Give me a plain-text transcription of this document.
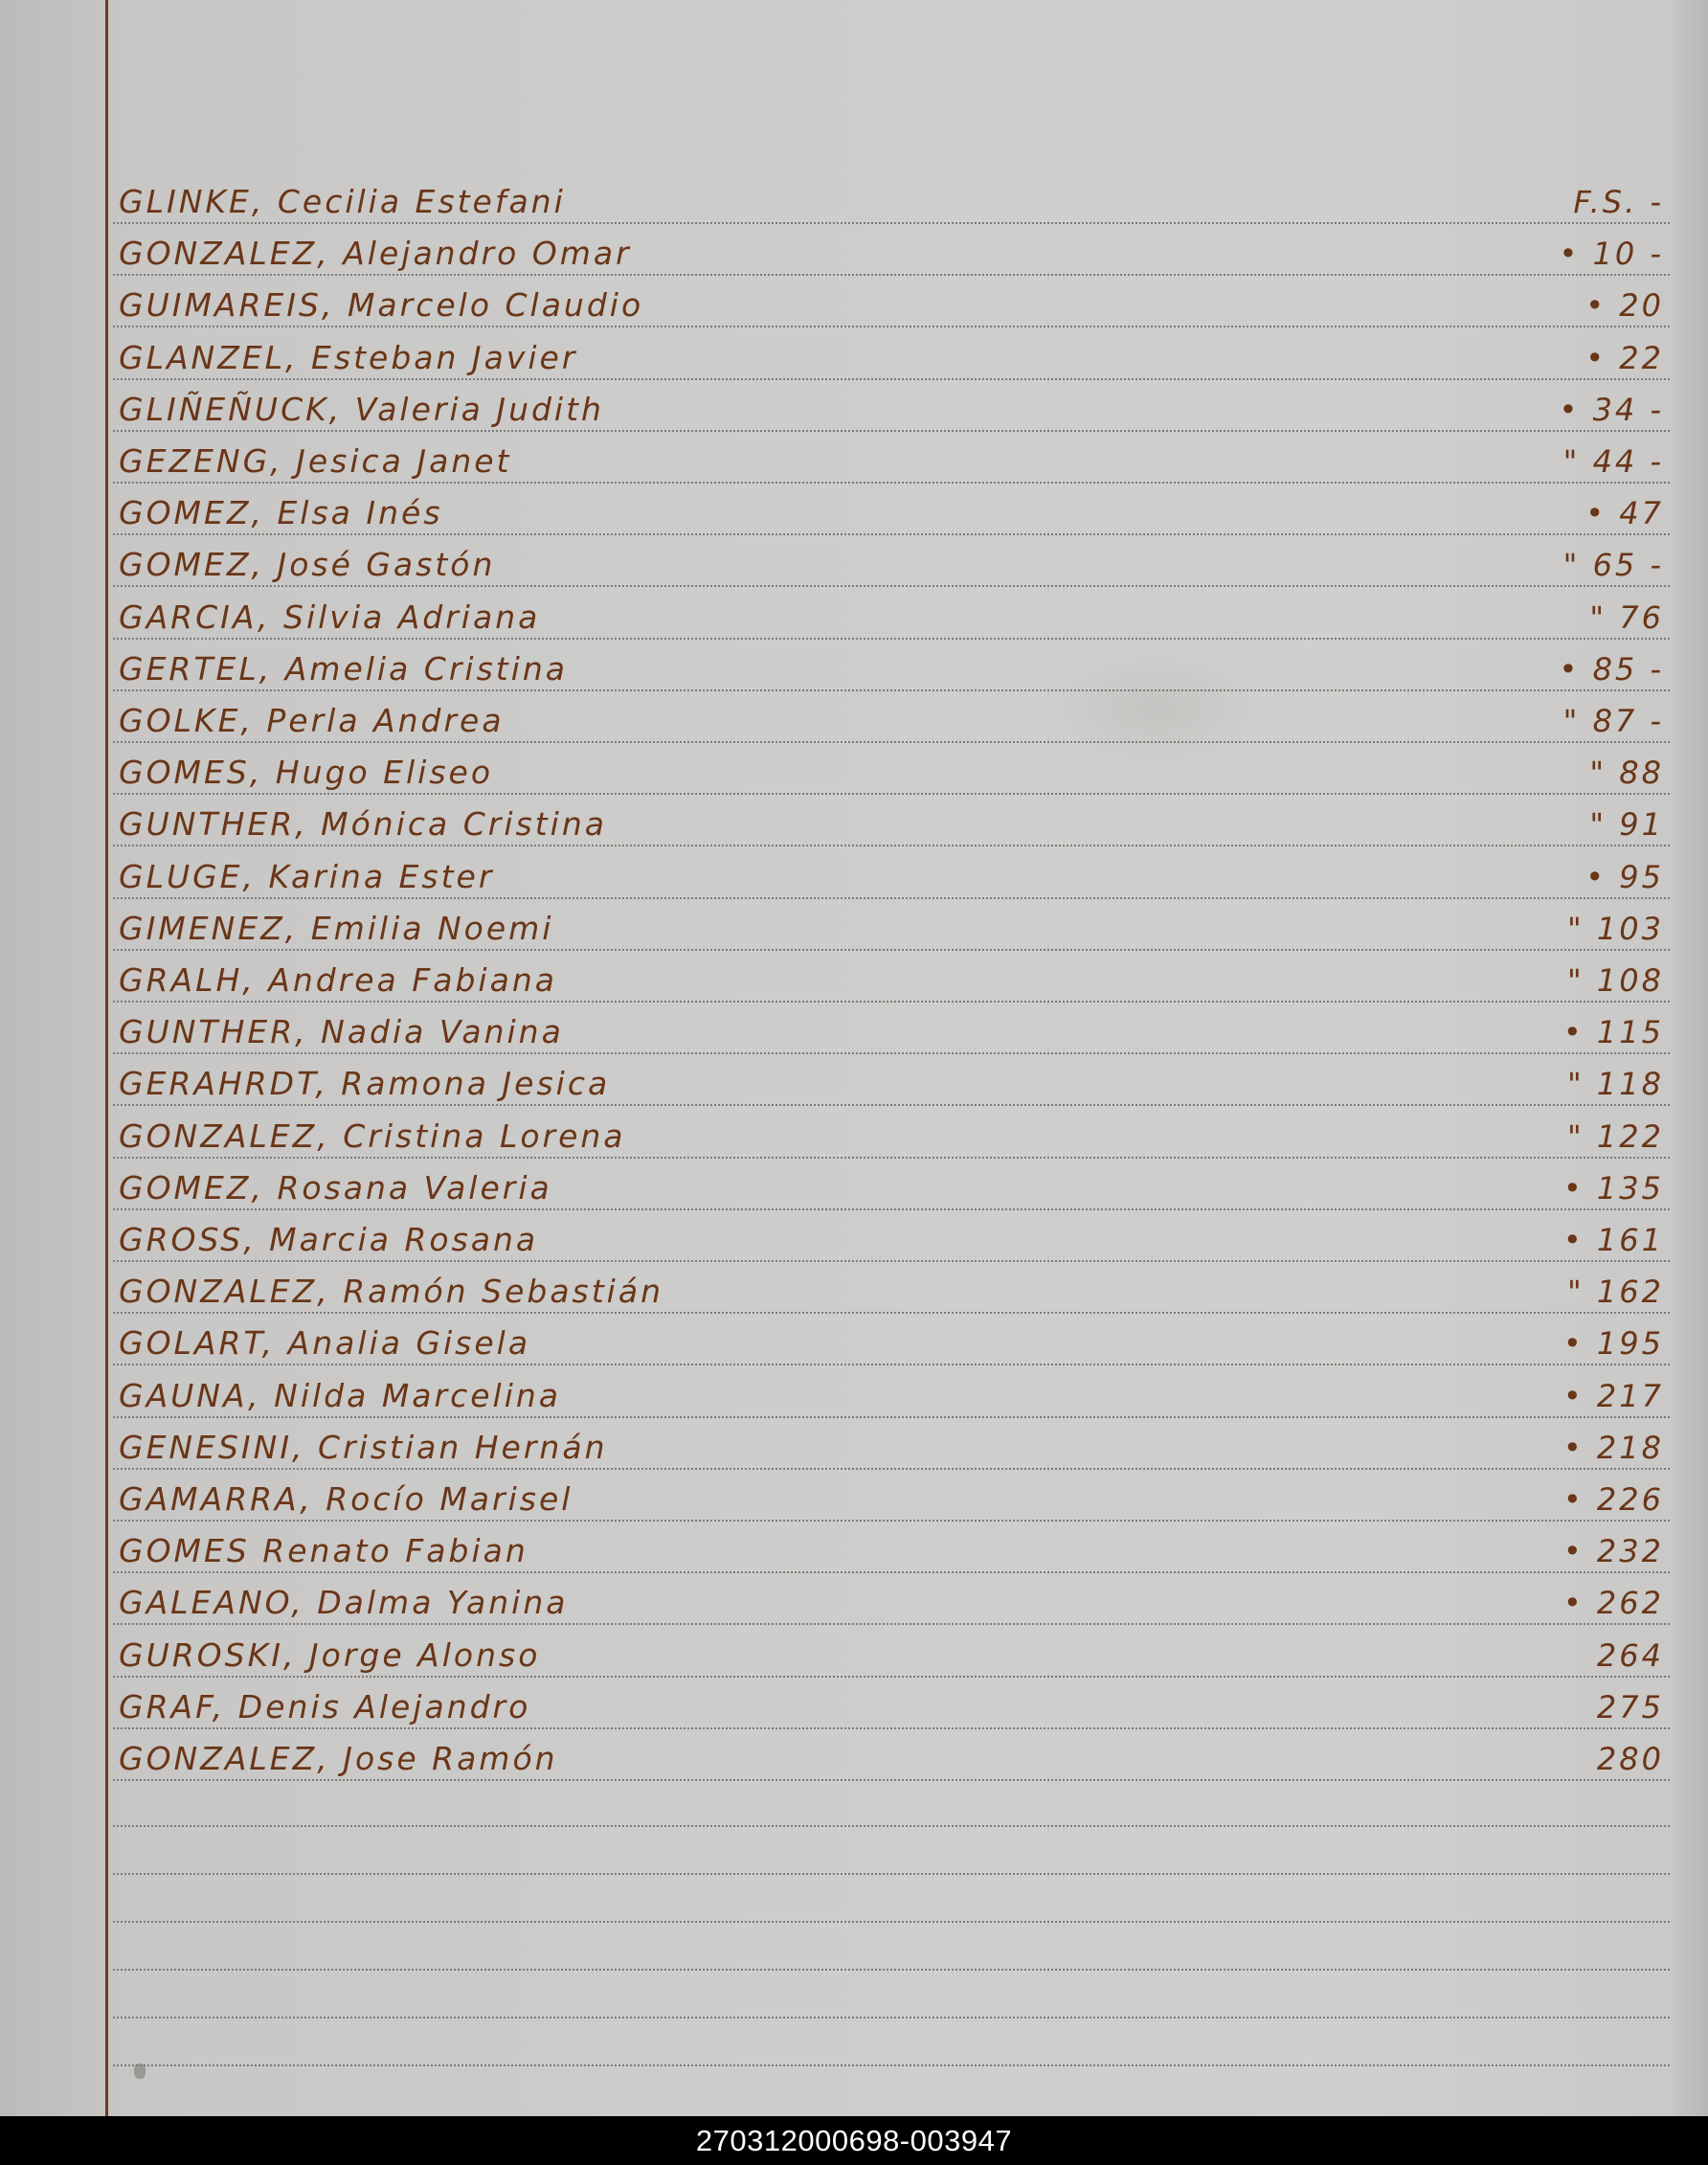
GLINKE, Cecilia Estefani	F.S. -
GONZALEZ, Alejandro Omar	• 10 -
GUIMAREIS, Marcelo Claudio	• 20
GLANZEL, Esteban Javier	• 22
GLIÑEÑUCK, Valeria Judith	• 34 -
GEZENG, Jesica Janet	" 44 -
GOMEZ, Elsa Inés	• 47
GOMEZ, José Gastón	" 65 -
GARCIA, Silvia Adriana	" 76
GERTEL, Amelia Cristina	• 85 -
GOLKE, Perla Andrea	" 87 -
GOMES, Hugo Eliseo	" 88
GUNTHER, Mónica Cristina	" 91
GLUGE, Karina Ester	• 95
GIMENEZ, Emilia Noemi	" 103
GRALH, Andrea Fabiana	" 108
GUNTHER, Nadia Vanina	• 115
GERAHRDT, Ramona Jesica	" 118
GONZALEZ, Cristina Lorena	" 122
GOMEZ, Rosana Valeria	• 135
GROSS, Marcia Rosana	• 161
GONZALEZ, Ramón Sebastián	" 162
GOLART, Analia Gisela	• 195
GAUNA, Nilda Marcelina	• 217
GENESINI, Cristian Hernán	• 218
GAMARRA, Rocío Marisel	• 226
GOMES Renato Fabian	• 232
GALEANO, Dalma Yanina	• 262
GUROSKI, Jorge Alonso	264
GRAF, Denis Alejandro	275
GONZALEZ, Jose Ramón	280
270312000698-003947
